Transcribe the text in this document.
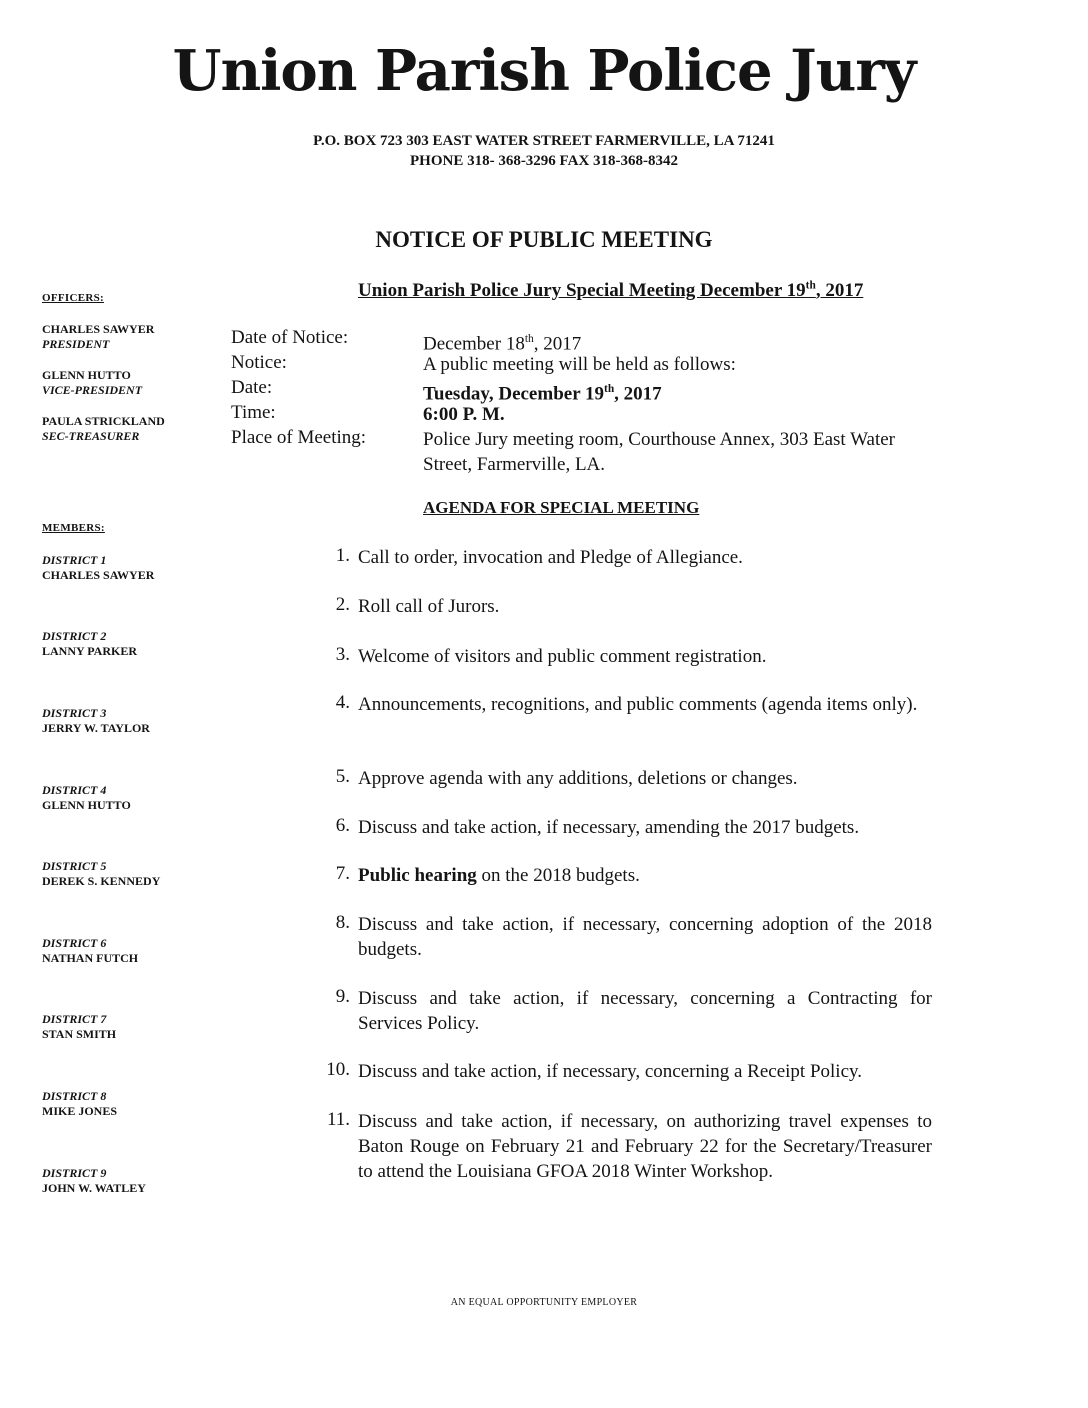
Union Parish Police Jury
P.O. BOX 723 303 EAST WATER STREET FARMERVILLE, LA 71241
PHONE 318- 368-3296 FAX 318-368-8342
NOTICE OF PUBLIC MEETING
Union Parish Police Jury Special Meeting December 19th, 2017
OFFICERS:
CHARLES SAWYER
PRESIDENT
GLENN HUTTO
VICE-PRESIDENT
PAULA STRICKLAND
SEC-TREASURER
MEMBERS:
DISTRICT 1
CHARLES SAWYER
DISTRICT 2
LANNY PARKER
DISTRICT 3
JERRY W. TAYLOR
DISTRICT 4
GLENN HUTTO
DISTRICT 5
DEREK S. KENNEDY
DISTRICT 6
NATHAN FUTCH
DISTRICT 7
STAN SMITH
DISTRICT 8
MIKE JONES
DISTRICT 9
JOHN W. WATLEY
Date of Notice:	December 18th, 2017
Notice:	A public meeting will be held as follows:
Date:	Tuesday, December 19th, 2017
Time:	6:00 P. M.
Place of Meeting:	Police Jury meeting room, Courthouse Annex, 303 East Water Street, Farmerville, LA.
AGENDA FOR SPECIAL MEETING
1. Call to order, invocation and Pledge of Allegiance.
2. Roll call of Jurors.
3. Welcome of visitors and public comment registration.
4. Announcements, recognitions, and public comments (agenda items only).
5. Approve agenda with any additions, deletions or changes.
6. Discuss and take action, if necessary, amending the 2017 budgets.
7. Public hearing on the 2018 budgets.
8. Discuss and take action, if necessary, concerning adoption of the 2018 budgets.
9. Discuss and take action, if necessary, concerning a Contracting for Services Policy.
10. Discuss and take action, if necessary, concerning a Receipt Policy.
11. Discuss and take action, if necessary, on authorizing travel expenses to Baton Rouge on February 21 and February 22 for the Secretary/Treasurer to attend the Louisiana GFOA 2018 Winter Workshop.
AN EQUAL OPPORTUNITY EMPLOYER
